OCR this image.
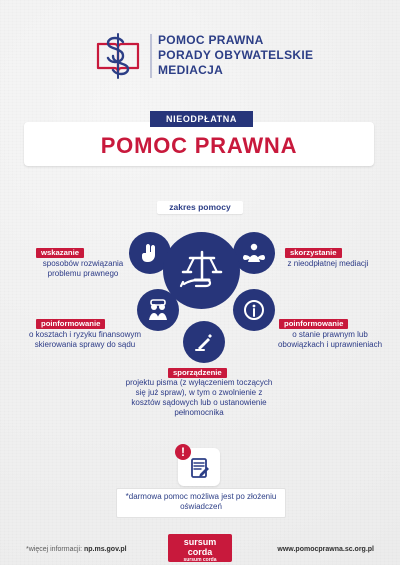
POMOC PRAWNA
PORADY OBYWATELSKIE
MEDIACJA
NIEODPŁATNA
POMOC PRAWNA
zakres pomocy
wskazanie
sposobów rozwiązania problemu prawnego
skorzystanie
z nieodpłatnej mediacji
poinformowanie
o kosztach i ryzyku finansowym skierowania sprawy do sądu
poinformowanie
o stanie prawnym lub obowiązkach i uprawnieniach
sporządzenie
projektu pisma (z wyłączeniem toczących się już spraw), w tym o zwolnienie z kosztów sądowych lub o ustanowienie pełnomocnika
!
*darmowa pomoc możliwa jest po złożeniu oświadczeń
*więcej informacji: np.ms.gov.pl
sursum
corda
sursum corda
www.pomocprawna.sc.org.pl
